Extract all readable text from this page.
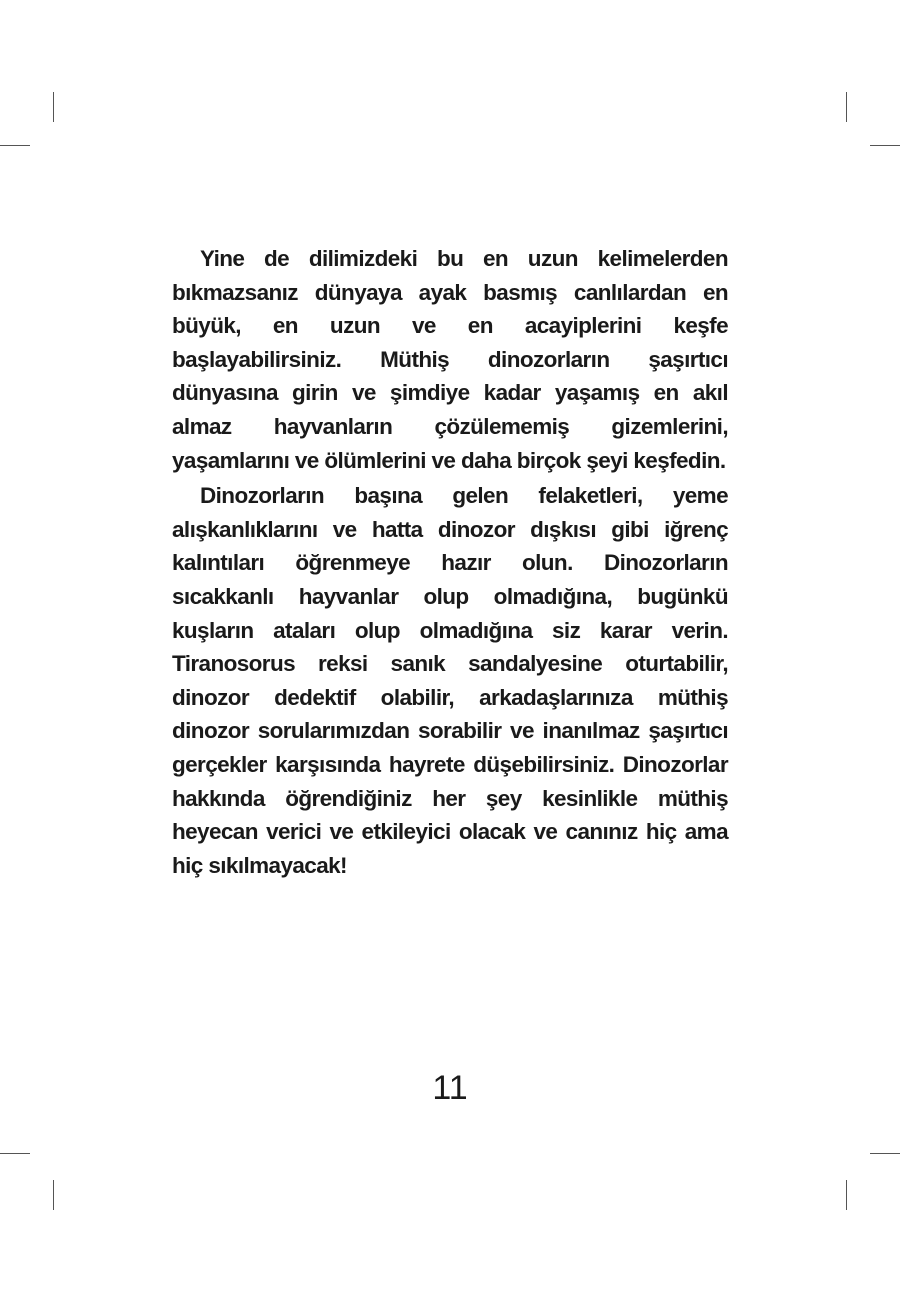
Yine de dilimizdeki bu en uzun kelimelerden bıkmazsanız dünyaya ayak basmış canlılardan en büyük, en uzun ve en acayiplerini keşfe başlayabilirsiniz. Müthiş dinozorların şaşırtıcı dünyasına girin ve şimdiye kadar yaşamış en akıl almaz hayvanların çözülememiş gizemlerini, yaşamlarını ve ölümlerini ve daha birçok şeyi keşfedin.

Dinozorların başına gelen felaketleri, yeme alışkanlıklarını ve hatta dinozor dışkısı gibi iğrenç kalıntıları öğrenmeye hazır olun. Dinozorların sıcakkanlı hayvanlar olup olmadığına, bugünkü kuşların ataları olup olmadığına siz karar verin. Tiranosorus reksi sanık sandalyesine oturtabilir, dinozor dedektif olabilir, arkadaşlarınıza müthiş dinozor sorularımızdan sorabilir ve inanılmaz şaşırtıcı gerçekler karşısında hayrete düşebilirsiniz. Dinozorlar hakkında öğrendiğiniz her şey kesinlikle müthiş heyecan verici ve etkileyici olacak ve canınız hiç ama hiç sıkılmayacak!

11
